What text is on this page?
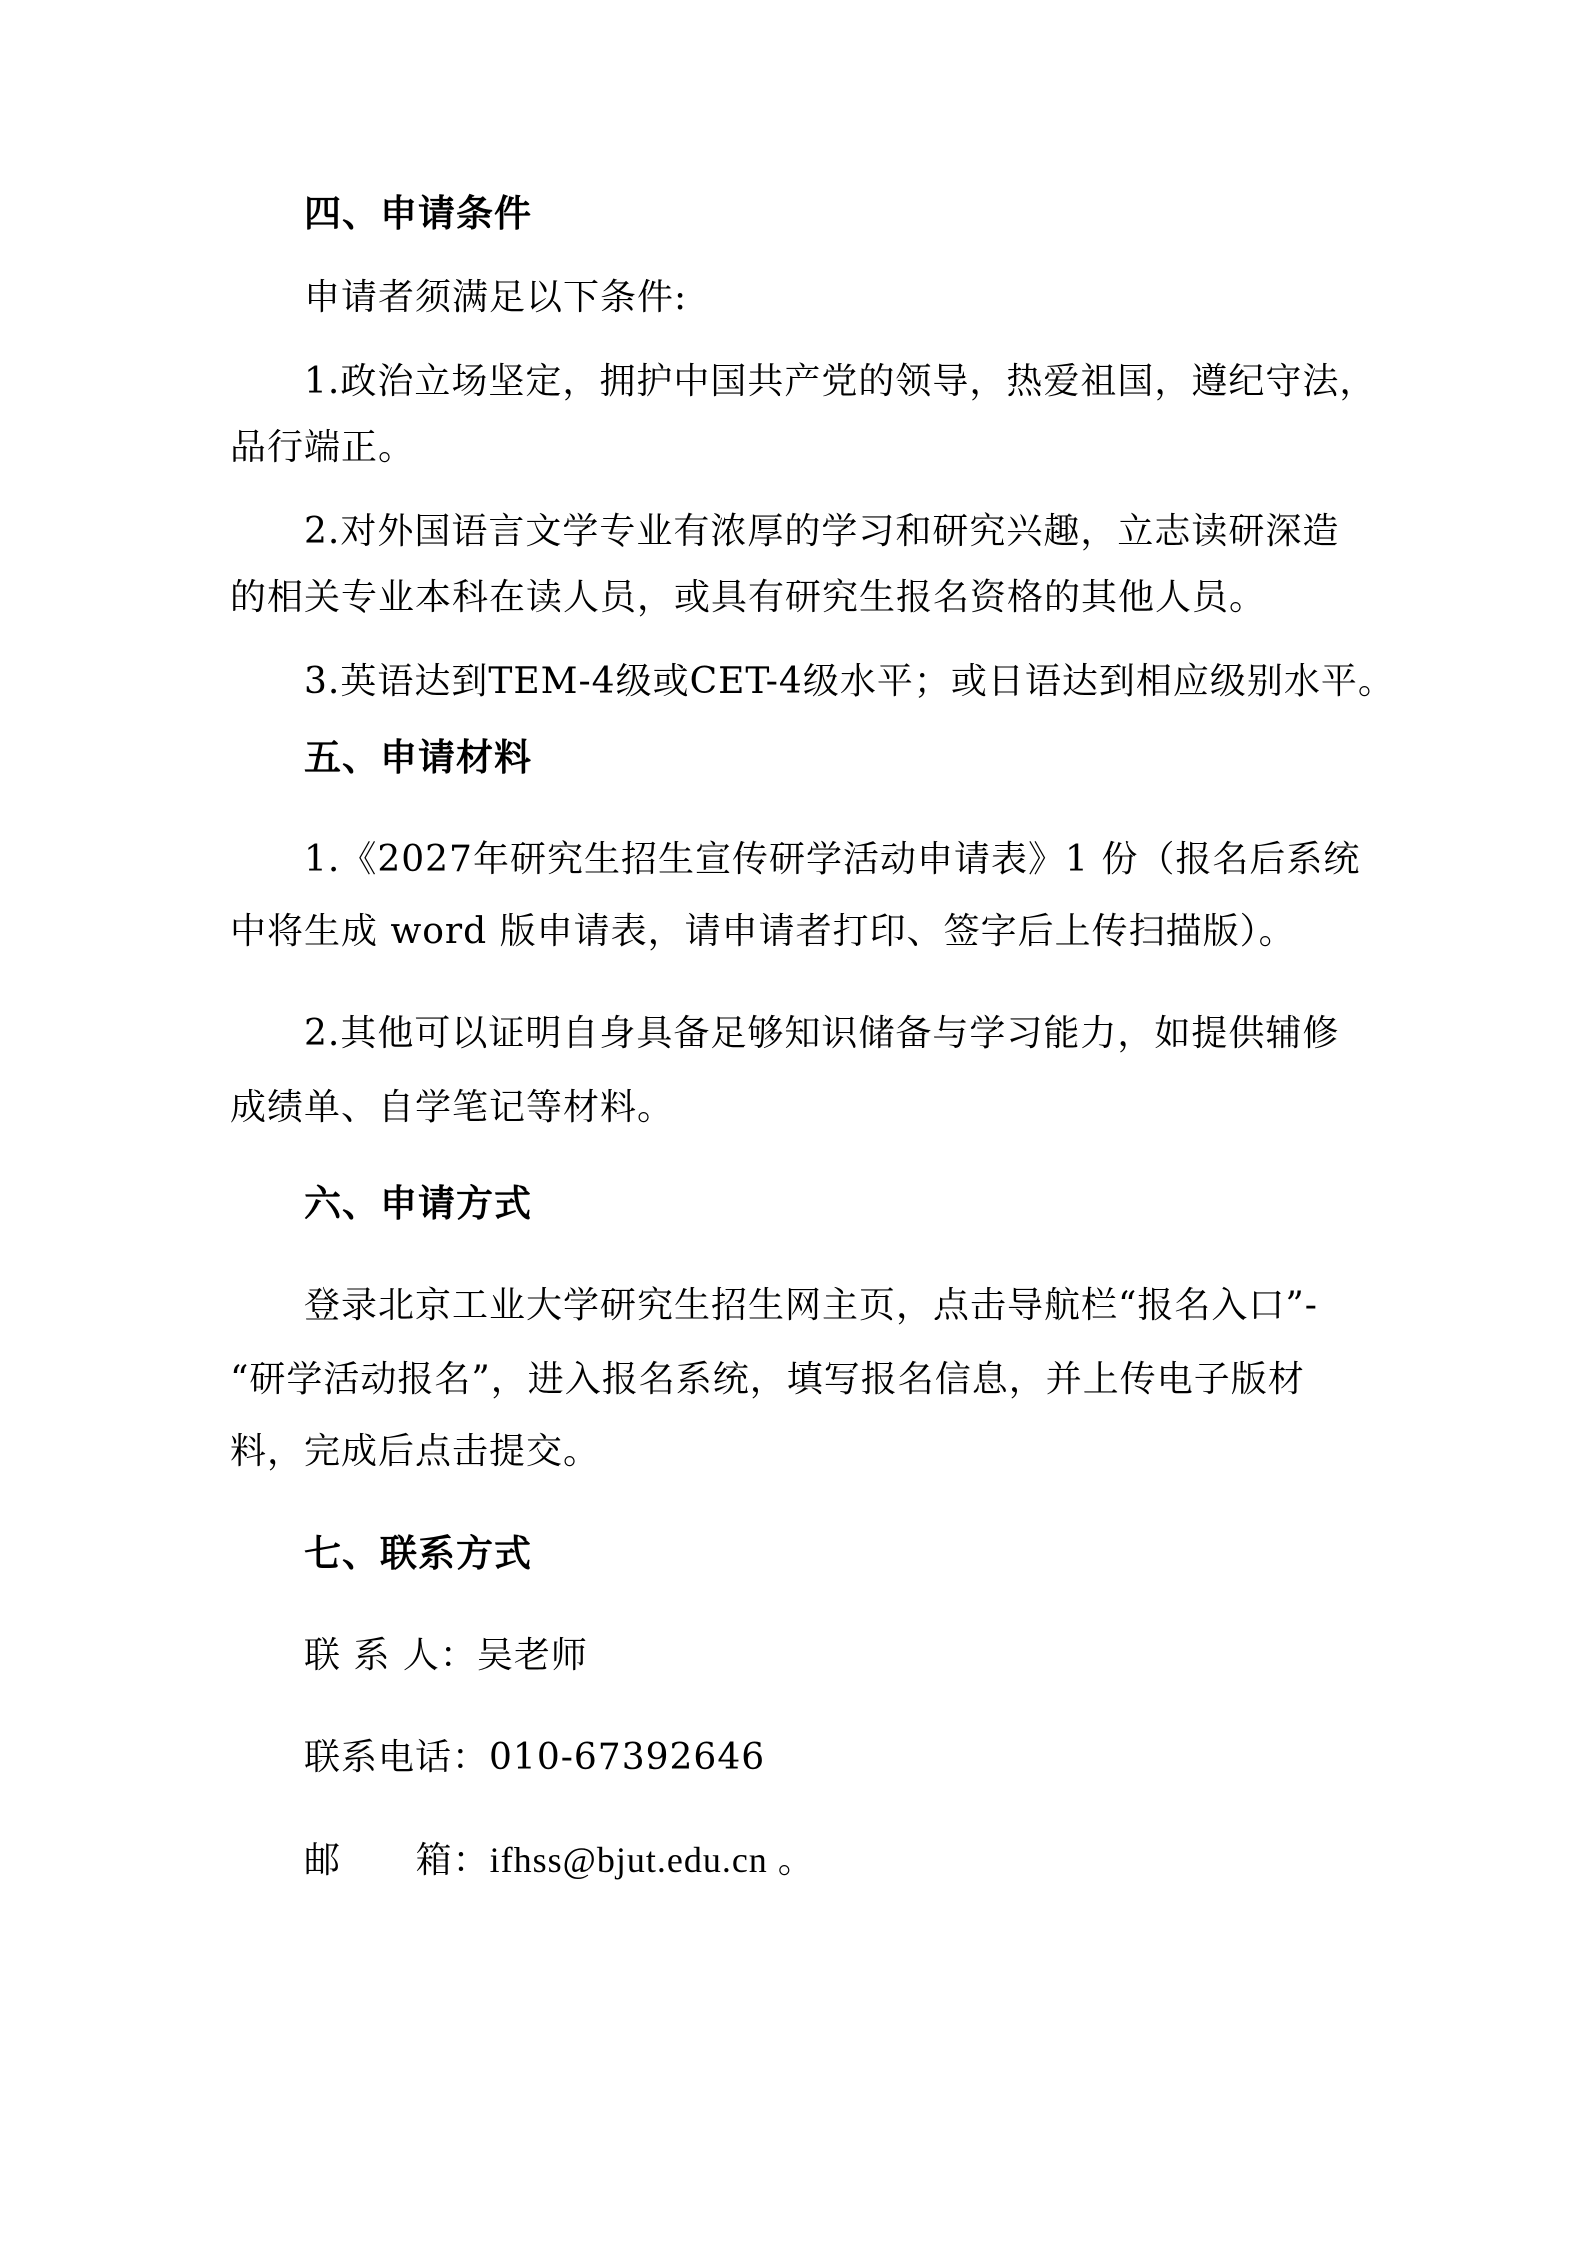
四、申请条件
申请者须满足以下条件:
1.政治立场坚定，拥护中国共产党的领导，热爱祖国，遵纪守法，
品行端正。
2.对外国语言文学专业有浓厚的学习和研究兴趣，立志读研深造
的相关专业本科在读人员，或具有研究生报名资格的其他人员。
3.英语达到TEM-4级或CET-4级水平；或日语达到相应级别水平。
五、申请材料
1.《2027年研究生招生宣传研学活动申请表》1 份（报名后系统
中将生成 word 版申请表，请申请者打印、签字后上传扫描版）。
2.其他可以证明自身具备足够知识储备与学习能力，如提供辅修
成绩单、自学笔记等材料。
六、申请方式
登录北京工业大学研究生招生网主页，点击导航栏“报名入口”-
“研学活动报名”，进入报名系统，填写报名信息，并上传电子版材
料，完成后点击提交。
七、联系方式
联 系 人：吴老师
联系电话：010-67392646
邮      箱：ifhss@bjut.edu.cn 。
